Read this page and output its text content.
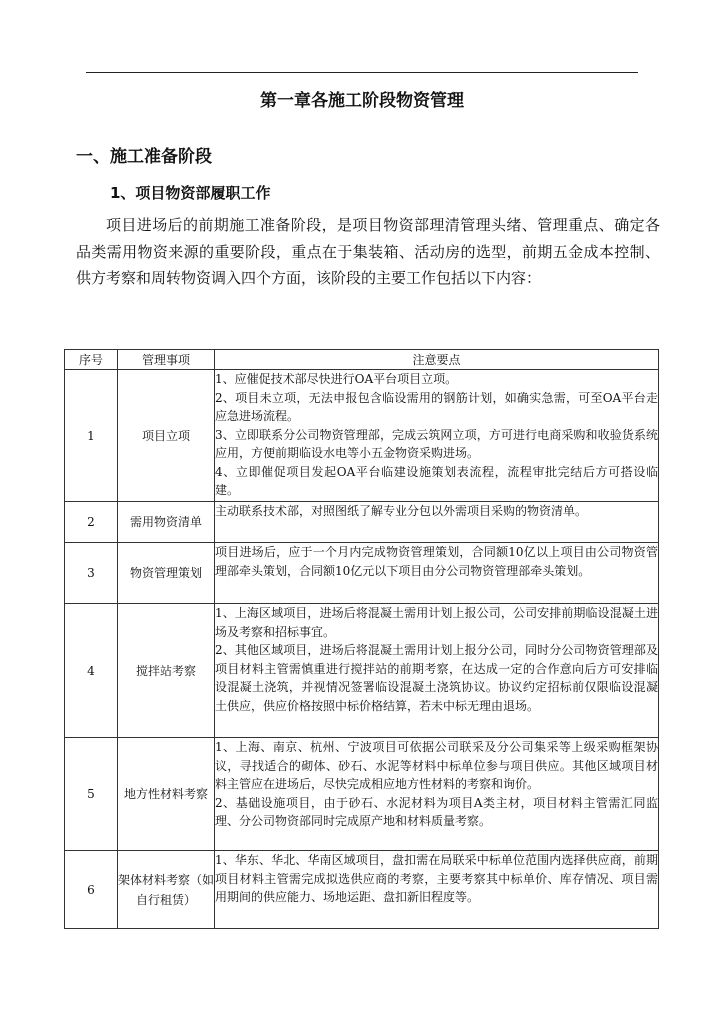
第一章各施工阶段物资管理
一、施工准备阶段
1、项目物资部履职工作

项目进场后的前期施工准备阶段，是项目物资部理清管理头绪、管理重点、确定各品类需用物资来源的重要阶段，重点在于集装箱、活动房的选型，前期五金成本控制、供方考察和周转物资调入四个方面，该阶段的主要工作包括以下内容：

序号	管理事项	注意要点
1	项目立项	1、应催促技术部尽快进行OA平台项目立项。
2、项目未立项，无法申报包含临设需用的钢筋计划，如确实急需，可至OA平台走应急进场流程。
3、立即联系分公司物资管理部，完成云筑网立项，方可进行电商采购和收验货系统应用，方便前期临设水电等小五金物资采购进场。
4、立即催促项目发起OA平台临建设施策划表流程，流程审批完结后方可搭设临建。

2	需用物资清单	主动联系技术部，对照图纸了解专业分包以外需项目采购的物资清单。

3	物资管理策划	项目进场后，应于一个月内完成物资管理策划，合同额10亿以上项目由公司物资管理部牵头策划，合同额10亿元以下项目由分公司物资管理部牵头策划。

4	搅拌站考察	1、上海区域项目，进场后将混凝土需用计划上报公司，公司安排前期临设混凝土进场及考察和招标事宜。
2、其他区域项目，进场后将混凝土需用计划上报分公司，同时分公司物资管理部及项目材料主管需慎重进行搅拌站的前期考察，在达成一定的合作意向后方可安排临设混凝土浇筑，并视情况签署临设混凝土浇筑协议。协议约定招标前仅限临设混凝土供应，供应价格按照中标价格结算，若未中标无理由退场。

5	地方性材料考察	1、上海、南京、杭州、宁波项目可依据公司联采及分公司集采等上级采购框架协议，寻找适合的砌体、砂石、水泥等材料中标单位参与项目供应。其他区域项目材料主管应在进场后，尽快完成相应地方性材料的考察和询价。
2、基础设施项目，由于砂石、水泥材料为项目A类主材，项目材料主管需汇同监理、分公司物资部同时完成原产地和材料质量考察。

6	架体材料考察（如自行租赁）	1、华东、华北、华南区域项目，盘扣需在局联采中标单位范围内选择供应商，前期项目材料主管需完成拟选供应商的考察，主要考察其中标单价、库存情况、项目需用期间的供应能力、场地运距、盘扣新旧程度等。
